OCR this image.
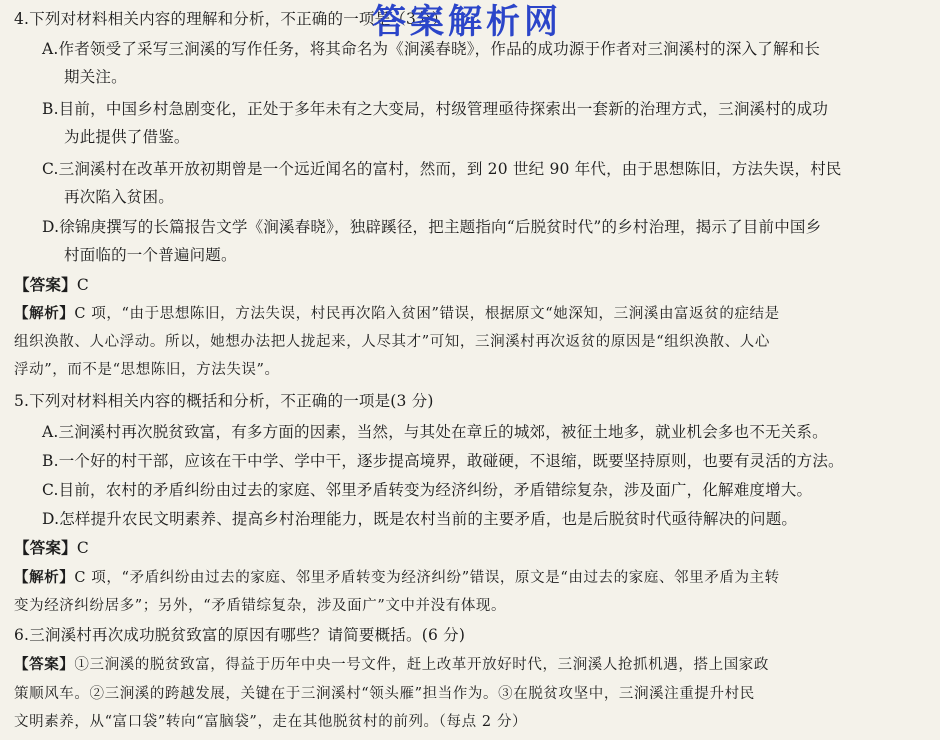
4.下列对材料相关内容的理解和分析，不正确的一项是（3分）
A.作者领受了采写三涧溪的写作任务，将其命名为《涧溪春晓》，作品的成功源于作者对三涧溪村的深入了解和长
期关注。
B.目前，中国乡村急剧变化，正处于多年未有之大变局，村级管理亟待探索出一套新的治理方式，三涧溪村的成功
为此提供了借鉴。
C.三涧溪村在改革开放初期曾是一个远近闻名的富村，然而，到 20 世纪 90 年代，由于思想陈旧，方法失误，村民
再次陷入贫困。
D.徐锦庚撰写的长篇报告文学《涧溪春晓》，独辟蹊径，把主题指向“后脱贫时代”的乡村治理，揭示了目前中国乡
村面临的一个普遍问题。
【答案】C
【解析】C 项，“由于思想陈旧，方法失误，村民再次陷入贫困”错误，根据原文“她深知，三涧溪由富返贫的症结是
组织涣散、人心浮动。所以，她想办法把人拢起来，人尽其才”可知，三涧溪村再次返贫的原因是“组织涣散、人心
浮动”，而不是“思想陈旧，方法失误”。
5.下列对材料相关内容的概括和分析，不正确的一项是(3 分)
A.三涧溪村再次脱贫致富，有多方面的因素，当然，与其处在章丘的城郊，被征土地多，就业机会多也不无关系。
B.一个好的村干部，应该在干中学、学中干，逐步提高境界，敢碰硬，不退缩，既要坚持原则，也要有灵活的方法。
C.目前，农村的矛盾纠纷由过去的家庭、邻里矛盾转变为经济纠纷，矛盾错综复杂，涉及面广，化解难度增大。
D.怎样提升农民文明素养、提高乡村治理能力，既是农村当前的主要矛盾，也是后脱贫时代亟待解决的问题。
【答案】C
【解析】C 项，“矛盾纠纷由过去的家庭、邻里矛盾转变为经济纠纷”错误，原文是“由过去的家庭、邻里矛盾为主转
变为经济纠纷居多”；另外，“矛盾错综复杂，涉及面广”文中并没有体现。
6.三涧溪村再次成功脱贫致富的原因有哪些？请简要概括。(6 分)
【答案】①三涧溪的脱贫致富，得益于历年中央一号文件，赶上改革开放好时代，三涧溪人抢抓机遇，搭上国家政
策顺风车。②三涧溪的跨越发展，关键在于三涧溪村“领头雁”担当作为。③在脱贫攻坚中，三涧溪注重提升村民
文明素养，从“富口袋”转向“富脑袋”，走在其他脱贫村的前列。（每点 2 分）
答案解析网
